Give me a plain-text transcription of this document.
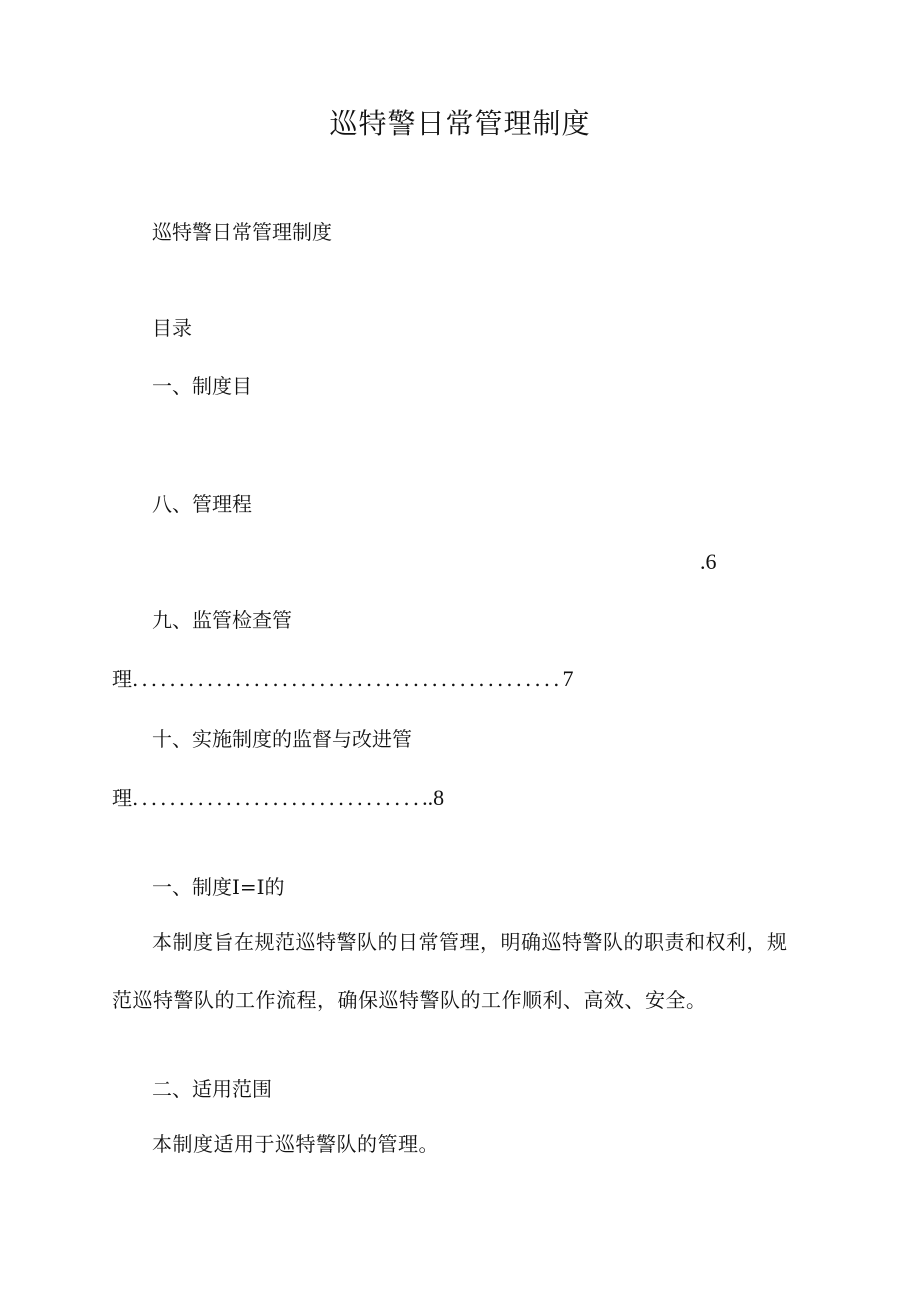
巡特警日常管理制度
巡特警日常管理制度
目录
一、制度目
八、管理程
.6
九、监管检查管
理..............................................7
十、实施制度的监督与改进管
理.................................8
一、制度Ι=Ι的
本制度旨在规范巡特警队的日常管理，明确巡特警队的职责和权利，规范巡特警队的工作流程，确保巡特警队的工作顺利、高效、安全。
二、适用范围
本制度适用于巡特警队的管理。
